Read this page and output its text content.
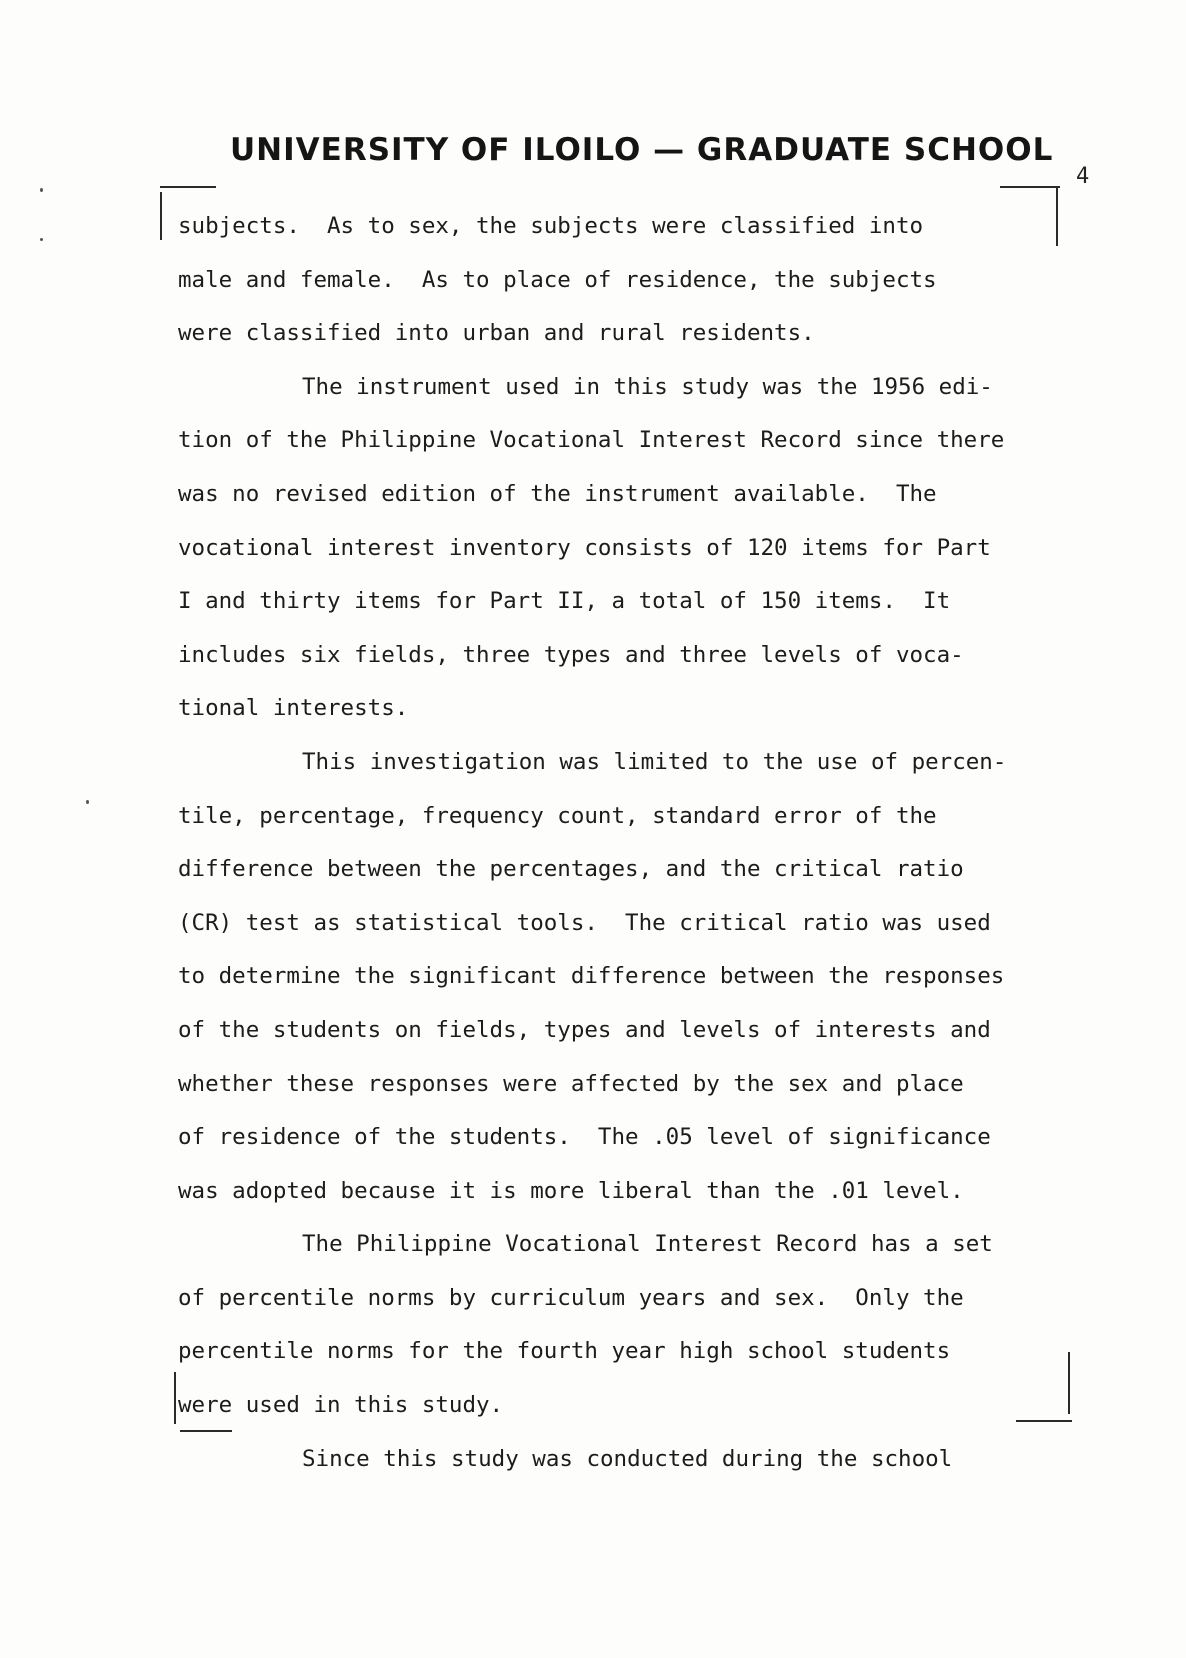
UNIVERSITY OF ILOILO — GRADUATE SCHOOL
4
subjects.  As to sex, the subjects were classified into
male and female.  As to place of residence, the subjects
were classified into urban and rural residents.
The instrument used in this study was the 1956 edi-
tion of the Philippine Vocational Interest Record since there
was no revised edition of the instrument available.  The
vocational interest inventory consists of 120 items for Part
I and thirty items for Part II, a total of 150 items.  It
includes six fields, three types and three levels of voca-
tional interests.
This investigation was limited to the use of percen-
tile, percentage, frequency count, standard error of the
difference between the percentages, and the critical ratio
(CR) test as statistical tools.  The critical ratio was used
to determine the significant difference between the responses
of the students on fields, types and levels of interests and
whether these responses were affected by the sex and place
of residence of the students.  The .05 level of significance
was adopted because it is more liberal than the .01 level.
The Philippine Vocational Interest Record has a set
of percentile norms by curriculum years and sex.  Only the
percentile norms for the fourth year high school students
were used in this study.
Since this study was conducted during the school
